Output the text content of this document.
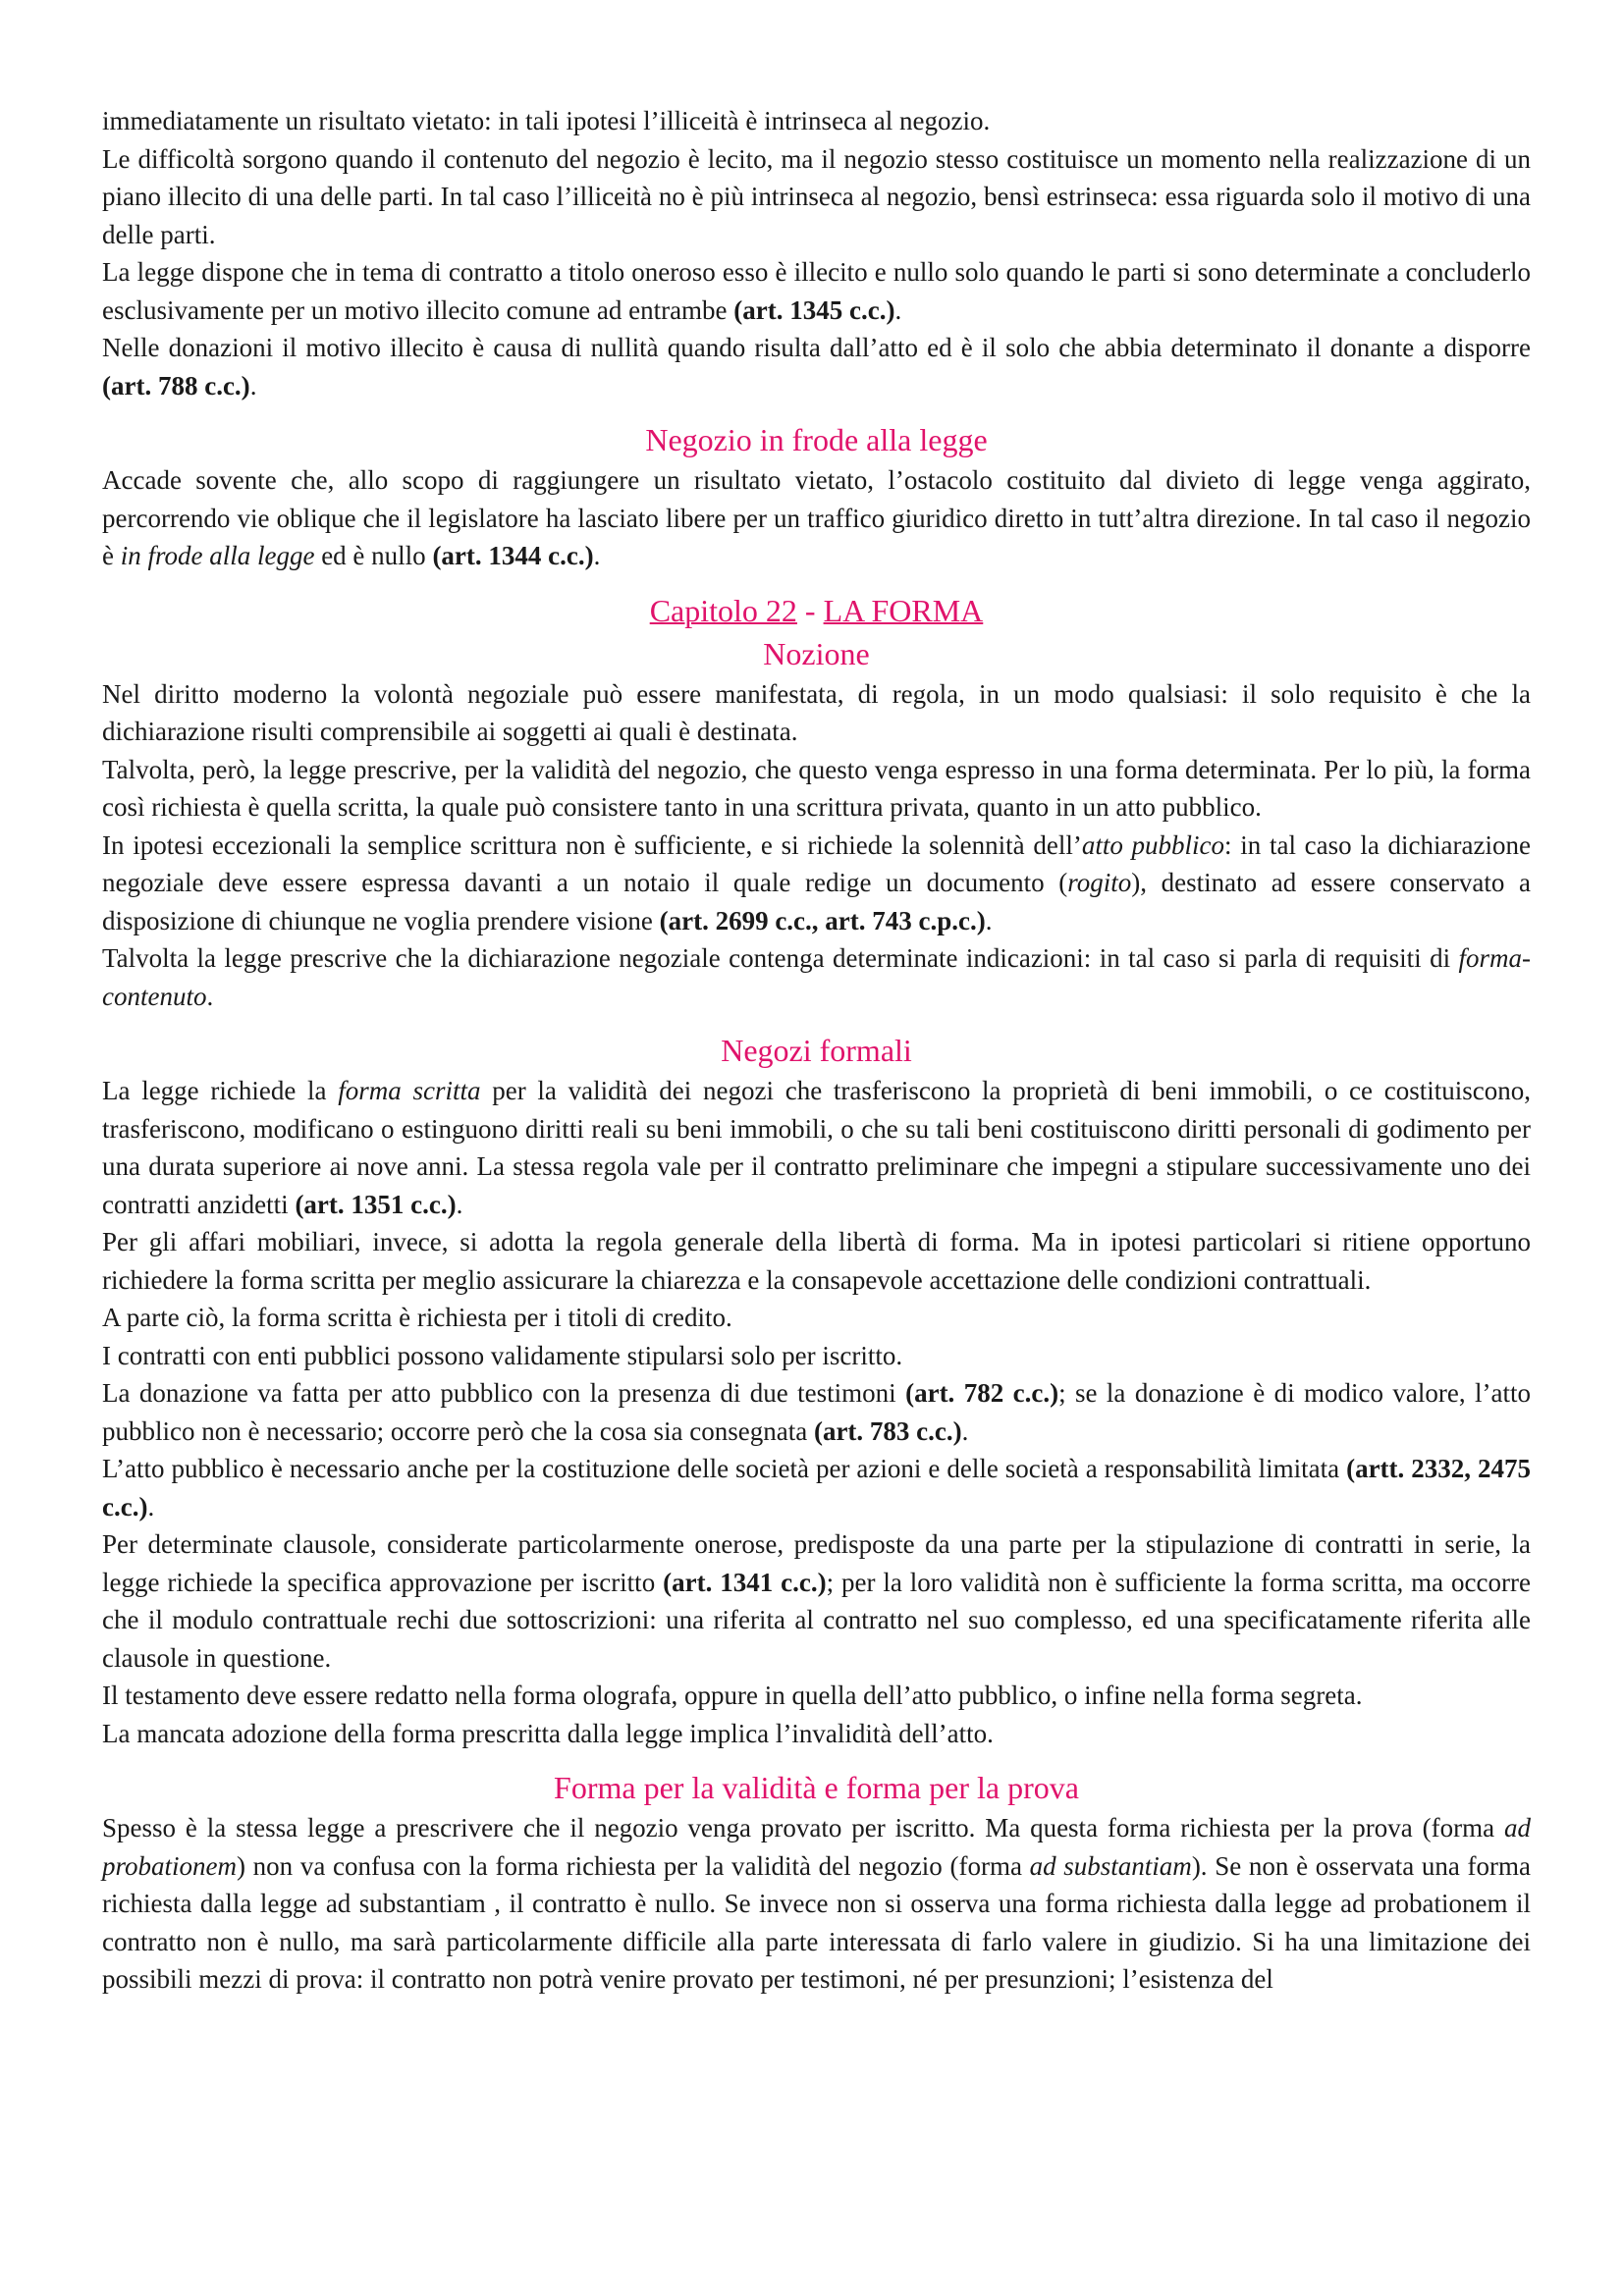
immediatamente un risultato vietato: in tali ipotesi l’illiceità è intrinseca al negozio.

Le difficoltà sorgono quando il contenuto del negozio è lecito, ma il negozio stesso costituisce un momento nella realizzazione di un piano illecito di una delle parti. In tal caso l’illiceità no è più intrinseca al negozio, bensì estrinseca: essa riguarda solo il motivo di una delle parti.

La legge dispone che in tema di contratto a titolo oneroso esso è illecito e nullo solo quando le parti si sono determinate a concluderlo esclusivamente per un motivo illecito comune ad entrambe (art. 1345 c.c.).

Nelle donazioni il motivo illecito è causa di nullità quando risulta dall’atto ed è il solo che abbia determinato il donante a disporre (art. 788 c.c.).

Negozio in frode alla legge

Accade sovente che, allo scopo di raggiungere un risultato vietato, l’ostacolo costituito dal divieto di legge venga aggirato, percorrendo vie oblique che il legislatore ha lasciato libere per un traffico giuridico diretto in tutt’altra direzione. In tal caso il negozio è in frode alla legge ed è nullo (art. 1344 c.c.).

Capitolo 22 - LA FORMA
Nozione

Nel diritto moderno la volontà negoziale può essere manifestata, di regola, in un modo qualsiasi: il solo requisito è che la dichiarazione risulti comprensibile ai soggetti ai quali è destinata.

Talvolta, però, la legge prescrive, per la validità del negozio, che questo venga espresso in una forma determinata. Per lo più, la forma così richiesta è quella scritta, la quale può consistere tanto in una scrittura privata, quanto in un atto pubblico.

In ipotesi eccezionali la semplice scrittura non è sufficiente, e si richiede la solennità dell’atto pubblico: in tal caso la dichiarazione negoziale deve essere espressa davanti a un notaio il quale redige un documento (rogito), destinato ad essere conservato a disposizione di chiunque ne voglia prendere visione (art. 2699 c.c., art. 743 c.p.c.).

Talvolta la legge prescrive che la dichiarazione negoziale contenga determinate indicazioni: in tal caso si parla di requisiti di forma-contenuto.

Negozi formali

La legge richiede la forma scritta per la validità dei negozi che trasferiscono la proprietà di beni immobili, o ce costituiscono, trasferiscono, modificano o estinguono diritti reali su beni immobili, o che su tali beni costituiscono diritti personali di godimento per una durata superiore ai nove anni. La stessa regola vale per il contratto preliminare che impegni a stipulare successivamente uno dei contratti anzidetti (art. 1351 c.c.).

Per gli affari mobiliari, invece, si adotta la regola generale della libertà di forma. Ma in ipotesi particolari si ritiene opportuno richiedere la forma scritta per meglio assicurare la chiarezza e la consapevole accettazione delle condizioni contrattuali.

A parte ciò, la forma scritta è richiesta per i titoli di credito.

I contratti con enti pubblici possono validamente stipularsi solo per iscritto.

La donazione va fatta per atto pubblico con la presenza di due testimoni (art. 782 c.c.); se la donazione è di modico valore, l’atto pubblico non è necessario; occorre però che la cosa sia consegnata (art. 783 c.c.).

L’atto pubblico è necessario anche per la costituzione delle società per azioni e delle società a responsabilità limitata (artt. 2332, 2475 c.c.).

Per determinate clausole, considerate particolarmente onerose, predisposte da una parte per la stipulazione di contratti in serie, la legge richiede la specifica approvazione per iscritto (art. 1341 c.c.); per la loro validità non è sufficiente la forma scritta, ma occorre che il modulo contrattuale rechi due sottoscrizioni: una riferita al contratto nel suo complesso, ed una specificatamente riferita alle clausole in questione.

Il testamento deve essere redatto nella forma olografa, oppure in quella dell’atto pubblico, o infine nella forma segreta.

La mancata adozione della forma prescritta dalla legge implica l’invalidità dell’atto.

Forma per la validità e forma per la prova

Spesso è la stessa legge a prescrivere che il negozio venga provato per iscritto. Ma questa forma richiesta per la prova (forma ad probationem) non va confusa con la forma richiesta per la validità del negozio (forma ad substantiam). Se non è osservata una forma richiesta dalla legge ad substantiam , il contratto è nullo. Se invece non si osserva una forma richiesta dalla legge ad probationem il contratto non è nullo, ma sarà particolarmente difficile alla parte interessata di farlo valere in giudizio. Si ha una limitazione dei possibili mezzi di prova: il contratto non potrà venire provato per testimoni, né per presunzioni; l’esistenza del
